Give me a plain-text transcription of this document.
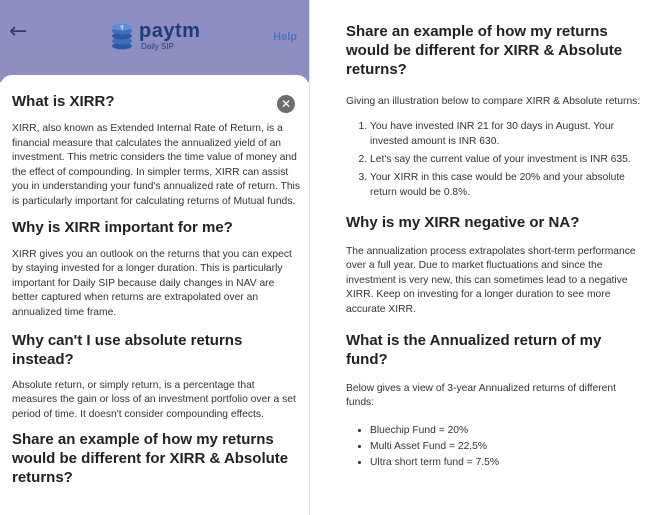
←	₹ paytm
Daily SIP
Help
✕
What is XIRR?

XIRR, also known as Extended Internal Rate of Return, is a financial measure that calculates the annualized yield of an investment. This metric considers the time value of money and the effect of compounding. In simpler terms, XIRR can assist you in understanding your fund's annualized rate of return. This is particularly important for calculating returns of Mutual funds.

Why is XIRR important for me?

XIRR gives you an outlook on the returns that you can expect by staying invested for a longer duration. This is particularly important for Daily SIP because daily changes in NAV are better captured when returns are extrapolated over an annualized time frame.

Why can't I use absolute returns instead?

Absolute return, or simply return, is a percentage that measures the gain or loss of an investment portfolio over a set period of time. It doesn't consider compounding effects.

Share an example of how my returns would be different for XIRR & Absolute returns?
Share an example of how my returns would be different for XIRR & Absolute returns?

Giving an illustration below to compare XIRR & Absolute returns:

1. You have invested INR 21 for 30 days in August. Your invested amount is INR 630.
2. Let's say the current value of your investment is INR 635.
3. Your XIRR in this case would be 20% and your absolute return would be 0.8%.
Why is my XIRR negative or NA?

The annualization process extrapolates short-term performance over a full year. Due to market fluctuations and since the investment is very new, this can sometimes lead to a negative XIRR. Keep on investing for a longer duration to see more accurate XIRR.

What is the Annualized return of my fund?

Below gives a view of 3-year Annualized returns of different funds:

• Bluechip Fund = 20%
• Multi Asset Fund = 22.5%
• Ultra short term fund = 7.5%
